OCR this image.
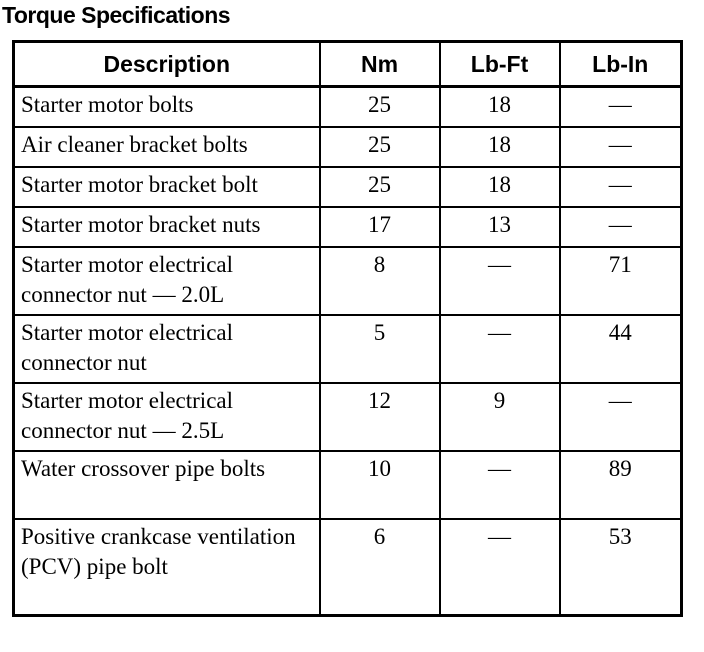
Torque Specifications
Description	Nm	Lb-Ft	Lb-In
Starter motor bolts	25	18	—
Air cleaner bracket bolts	25	18	—
Starter motor bracket bolt	25	18	—
Starter motor bracket nuts	17	13	—
Starter motor electrical connector nut — 2.0L	8	—	71
Starter motor electrical connector nut	5	—	44
Starter motor electrical connector nut — 2.5L	12	9	—
Water crossover pipe bolts	10	—	89
Positive crankcase ventilation (PCV) pipe bolt	6	—	53
